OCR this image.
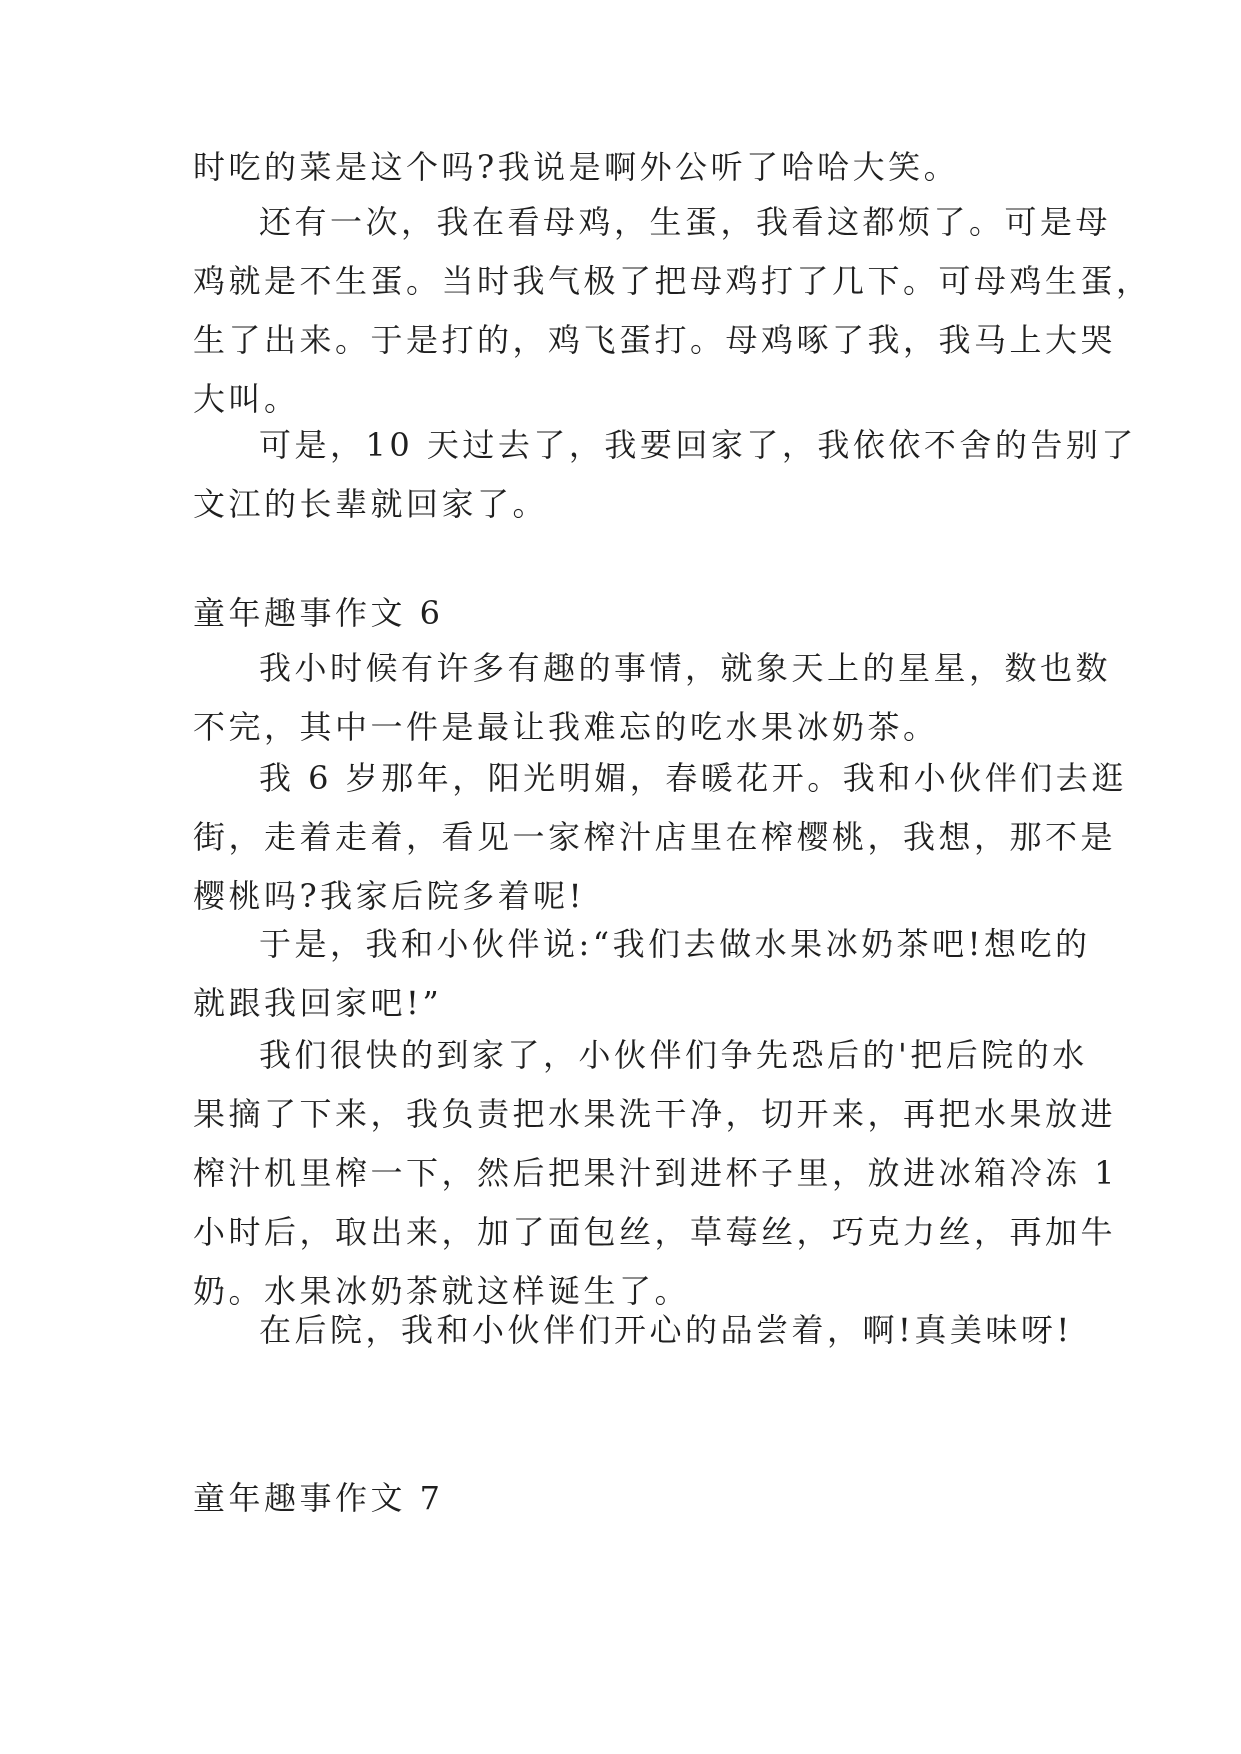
时吃的菜是这个吗?我说是啊外公听了哈哈大笑。
还有一次，我在看母鸡，生蛋，我看这都烦了。可是母
鸡就是不生蛋。当时我气极了把母鸡打了几下。可母鸡生蛋，
生了出来。于是打的，鸡飞蛋打。母鸡啄了我，我马上大哭
大叫。
可是，10 天过去了，我要回家了，我依依不舍的告别了
文江的长辈就回家了。
童年趣事作文 6
我小时候有许多有趣的事情，就象天上的星星，数也数
不完，其中一件是最让我难忘的吃水果冰奶茶。
我 6 岁那年，阳光明媚，春暖花开。我和小伙伴们去逛
街，走着走着，看见一家榨汁店里在榨樱桃，我想，那不是
樱桃吗?我家后院多着呢!
于是，我和小伙伴说:“我们去做水果冰奶茶吧!想吃的
就跟我回家吧!”
我们很快的到家了，小伙伴们争先恐后的'把后院的水
果摘了下来，我负责把水果洗干净，切开来，再把水果放进
榨汁机里榨一下，然后把果汁到进杯子里，放进冰箱冷冻 1
小时后，取出来，加了面包丝，草莓丝，巧克力丝，再加牛
奶。水果冰奶茶就这样诞生了。
在后院，我和小伙伴们开心的品尝着，啊!真美味呀!
童年趣事作文 7
